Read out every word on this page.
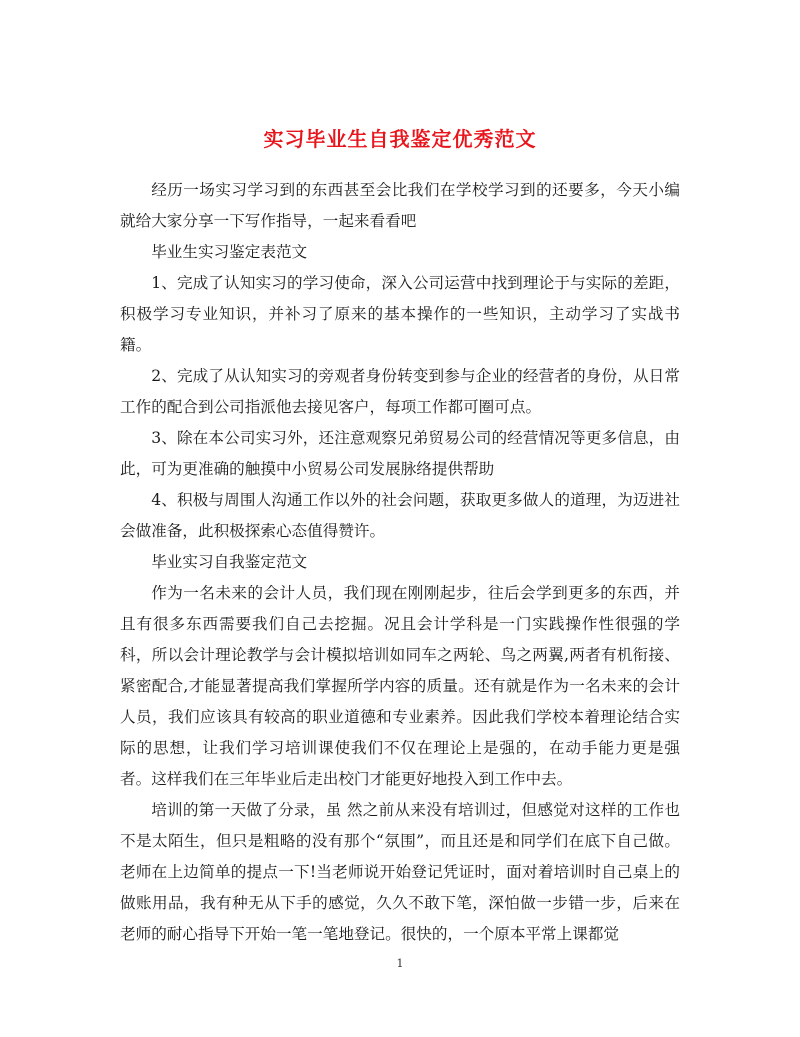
实习毕业生自我鉴定优秀范文

经历一场实习学习到的东西甚至会比我们在学校学习到的还要多，今天小编就给大家分享一下写作指导，一起来看看吧

毕业生实习鉴定表范文

1、完成了认知实习的学习使命，深入公司运营中找到理论于与实际的差距，积极学习专业知识，并补习了原来的基本操作的一些知识，主动学习了实战书籍。

2、完成了从认知实习的旁观者身份转变到参与企业的经营者的身份，从日常工作的配合到公司指派他去接见客户，每项工作都可圈可点。

3、除在本公司实习外，还注意观察兄弟贸易公司的经营情况等更多信息，由此，可为更准确的触摸中小贸易公司发展脉络提供帮助

4、积极与周围人沟通工作以外的社会问题，获取更多做人的道理，为迈进社会做准备，此积极探索心态值得赞许。

毕业实习自我鉴定范文

作为一名未来的会计人员，我们现在刚刚起步，往后会学到更多的东西，并且有很多东西需要我们自己去挖掘。况且会计学科是一门实践操作性很强的学科，所以会计理论教学与会计模拟培训如同车之两轮、鸟之两翼,两者有机衔接、紧密配合,才能显著提高我们掌握所学内容的质量。还有就是作为一名未来的会计人员，我们应该具有较高的职业道德和专业素养。因此我们学校本着理论结合实际的思想，让我们学习培训课使我们不仅在理论上是强的，在动手能力更是强者。这样我们在三年毕业后走出校门才能更好地投入到工作中去。

培训的第一天做了分录，虽 然之前从来没有培训过，但感觉对这样的工作也不是太陌生，但只是粗略的没有那个“氛围”，而且还是和同学们在底下自己做。老师在上边简单的提点一下!当老师说开始登记凭证时，面对着培训时自己桌上的做账用品，我有种无从下手的感觉，久久不敢下笔，深怕做一步错一步，后来在老师的耐心指导下开始一笔一笔地登记。很快的，一个原本平常上课都觉

1
